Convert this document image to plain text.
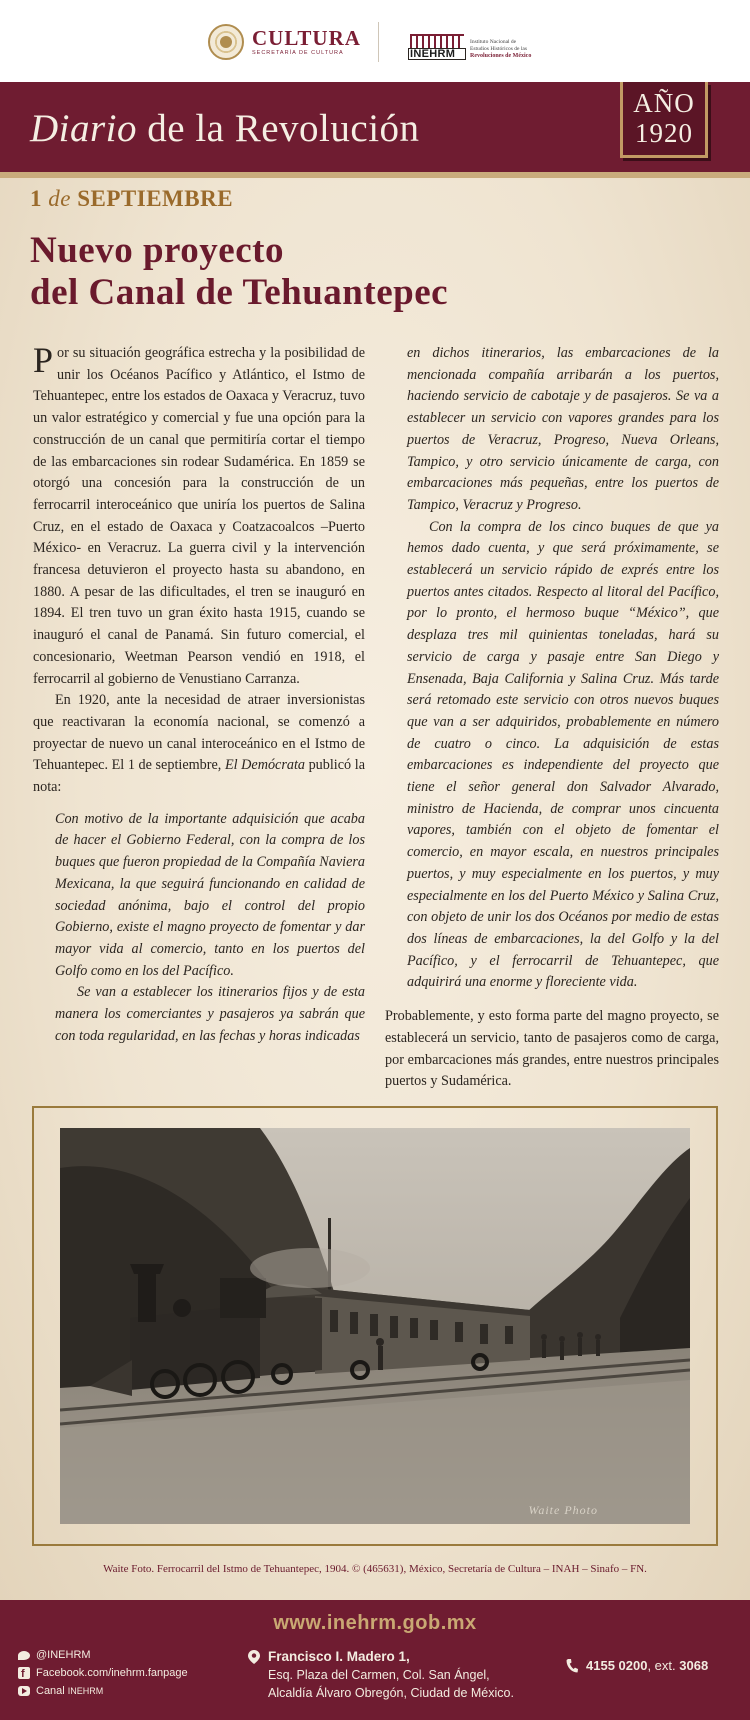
CULTURA
SECRETARÍA DE CULTURA	INEHRM
Instituto Nacional de
Estudios Históricos de las
Revoluciones de México
Diario de la Revolución
AÑO
1920
1 de SEPTIEMBRE
Nuevo proyecto
del Canal de Tehuantepec

Por su situación geográfica estrecha y la posibilidad de unir los Océanos Pacífico y Atlántico, el Istmo de Tehuantepec, entre los estados de Oaxaca y Veracruz, tuvo un valor estratégico y comercial y fue una opción para la construcción de un canal que permitiría cortar el tiempo de las embarcaciones sin rodear Sudamérica. En 1859 se otorgó una concesión para la construcción de un ferrocarril interoceánico que uniría los puertos de Salina Cruz, en el estado de Oaxaca y Coatzacoalcos –Puerto México- en Veracruz. La guerra civil y la intervención francesa detuvieron el proyecto hasta su abandono, en 1880. A pesar de las dificultades, el tren se inauguró en 1894. El tren tuvo un gran éxito hasta 1915, cuando se inauguró el canal de Panamá. Sin futuro comercial, el concesionario, Weetman Pearson vendió en 1918, el ferrocarril al gobierno de Venustiano Carranza.

En 1920, ante la necesidad de atraer inversionistas que reactivaran la economía nacional, se comenzó a proyectar de nuevo un canal interoceánico en el Istmo de Tehuantepec. El 1 de septiembre, El Demócrata publicó la nota:

Con motivo de la importante adquisición que acaba de hacer el Gobierno Federal, con la compra de los buques que fueron propiedad de la Compañía Naviera Mexicana, la que seguirá funcionando en calidad de sociedad anónima, bajo el control del propio Gobierno, existe el magno proyecto de fomentar y dar mayor vida al comercio, tanto en los puertos del Golfo como en los del Pacífico.

Se van a establecer los itinerarios fijos y de esta manera los comerciantes y pasajeros ya sabrán que con toda regularidad, en las fechas y horas indicadas

en dichos itinerarios, las embarcaciones de la mencionada compañía arribarán a los puertos, haciendo servicio de cabotaje y de pasajeros. Se va a establecer un servicio con vapores grandes para los puertos de Veracruz, Progreso, Nueva Orleans, Tampico, y otro servicio únicamente de carga, con embarcaciones más pequeñas, entre los puertos de Tampico, Veracruz y Progreso.

Con la compra de los cinco buques de que ya hemos dado cuenta, y que será próximamente, se establecerá un servicio rápido de exprés entre los puertos antes citados. Respecto al litoral del Pacífico, por lo pronto, el hermoso buque “México”, que desplaza tres mil quinientas toneladas, hará su servicio de carga y pasaje entre San Diego y Ensenada, Baja California y Salina Cruz. Más tarde será retomado este servicio con otros nuevos buques que van a ser adquiridos, probablemente en número de cuatro o cinco. La adquisición de estas embarcaciones es independiente del proyecto que tiene el señor general don Salvador Alvarado, ministro de Hacienda, de comprar unos cincuenta vapores, también con el objeto de fomentar el comercio, en mayor escala, en nuestros principales puertos, y muy especialmente en los puertos, y muy especialmente en los del Puerto México y Salina Cruz, con objeto de unir los dos Océanos por medio de estas dos líneas de embarcaciones, la del Golfo y la del Pacífico, y el ferrocarril de Tehuantepec, que adquirirá una enorme y floreciente vida.

Probablemente, y esto forma parte del magno proyecto, se establecerá un servicio, tanto de pasajeros como de carga, por embarcaciones más grandes, entre nuestros principales puertos y Sudamérica.

Waite Photo
Waite Foto. Ferrocarril del Istmo de Tehuantepec, 1904. © (465631), México, Secretaría de Cultura – INAH – Sinafo – FN.
www.inehrm.gob.mx
@INEHRM
f
Facebook.com/inehrm.fanpage
Canal INEHRM
Francisco I. Madero 1,
Esq. Plaza del Carmen, Col. San Ángel,
Alcaldía Álvaro Obregón, Ciudad de México.
4155 0200 , ext.
3068
